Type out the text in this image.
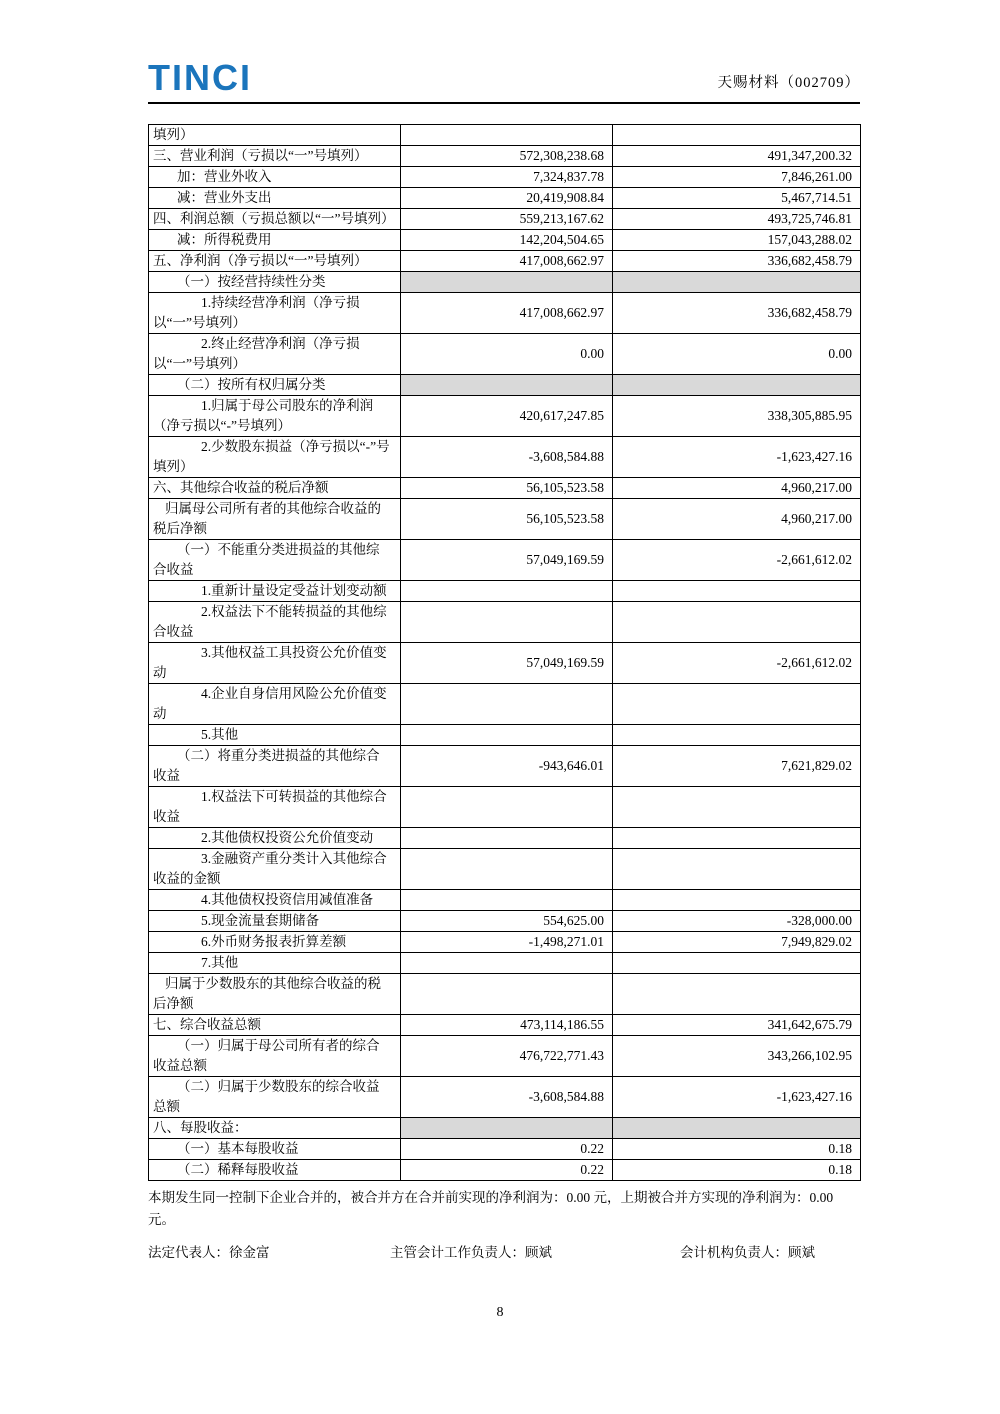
TINCI	天赐材料（002709）
填列）		
三、营业利润（亏损以“一”号填列）	572,308,238.68	491,347,200.32
加：营业外收入	7,324,837.78	7,846,261.00
减：营业外支出	20,419,908.84	5,467,714.51
四、利润总额（亏损总额以“一”号填列）	559,213,167.62	493,725,746.81
减：所得税费用	142,204,504.65	157,043,288.02
五、净利润（净亏损以“一”号填列）	417,008,662.97	336,682,458.79
（一）按经营持续性分类		
1.持续经营净利润（净亏损以“一”号填列）	417,008,662.97	336,682,458.79
2.终止经营净利润（净亏损以“一”号填列）	0.00	0.00
（二）按所有权归属分类		
1.归属于母公司股东的净利润（净亏损以“-”号填列）	420,617,247.85	338,305,885.95
2.少数股东损益（净亏损以“-”号填列）	-3,608,584.88	-1,623,427.16
六、其他综合收益的税后净额	56,105,523.58	4,960,217.00
归属母公司所有者的其他综合收益的税后净额	56,105,523.58	4,960,217.00
（一）不能重分类进损益的其他综合收益	57,049,169.59	-2,661,612.02
1.重新计量设定受益计划变动额		
2.权益法下不能转损益的其他综合收益		
3.其他权益工具投资公允价值变动	57,049,169.59	-2,661,612.02
4.企业自身信用风险公允价值变动		
5.其他		
（二）将重分类进损益的其他综合收益	-943,646.01	7,621,829.02
1.权益法下可转损益的其他综合收益		
2.其他债权投资公允价值变动		
3.金融资产重分类计入其他综合收益的金额		
4.其他债权投资信用减值准备		
5.现金流量套期储备	554,625.00	-328,000.00
6.外币财务报表折算差额	-1,498,271.01	7,949,829.02
7.其他		
归属于少数股东的其他综合收益的税后净额		
七、综合收益总额	473,114,186.55	341,642,675.79
（一）归属于母公司所有者的综合收益总额	476,722,771.43	343,266,102.95
（二）归属于少数股东的综合收益总额	-3,608,584.88	-1,623,427.16
八、每股收益：		
（一）基本每股收益	0.22	0.18
（二）稀释每股收益	0.22	0.18

本期发生同一控制下企业合并的，被合并方在合并前实现的净利润为：0.00 元，上期被合并方实现的净利润为：0.00 元。

法定代表人：徐金富	主管会计工作负责人：顾斌	会计机构负责人：顾斌
8
